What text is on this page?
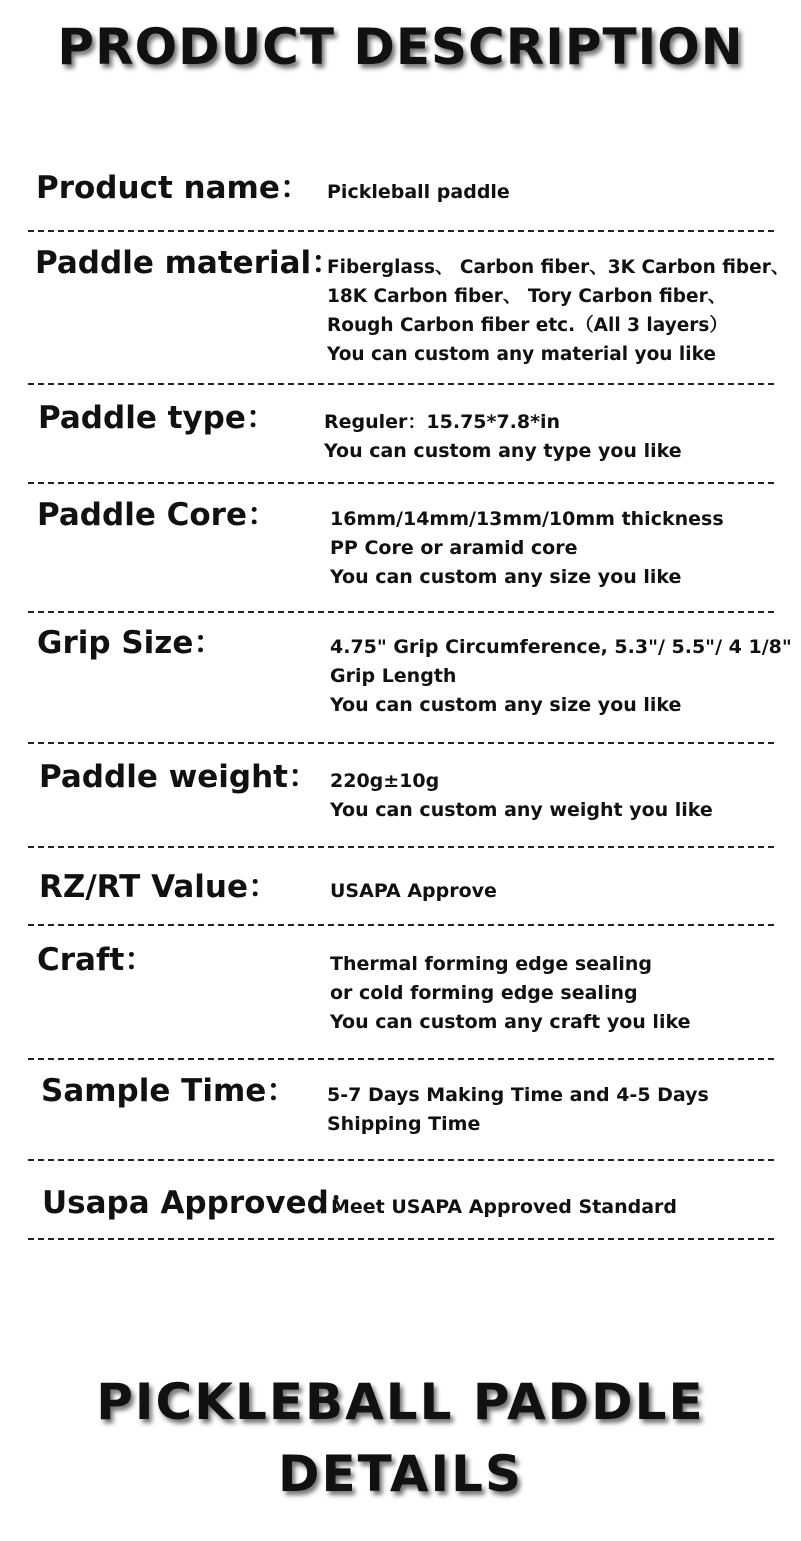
PRODUCT DESCRIPTION
Product name： Pickleball paddle
Paddle material：
Fiberglass、 Carbon fiber、3K Carbon fiber、
18K Carbon fiber、 Tory Carbon fiber、
Rough Carbon fiber etc.（All 3 layers）
You can custom any material you like
Paddle type： Reguler：15.75*7.8*in
You can custom any type you like
Paddle Core：	16mm/14mm/13mm/10mm thickness
PP Core or aramid core
You can custom any size you like
Grip Size：	4.75" Grip Circumference, 5.3"/ 5.5"/ 4 1/8"
Grip Length
You can custom any size you like
Paddle weight： 220g±10g
You can custom any weight you like
RZ/RT Value：	USAPA Approve
Craft：	Thermal forming edge sealing
or cold forming edge sealing
You can custom any craft you like
Sample Time： 5-7 Days Making Time and 4-5 Days
Shipping Time
Usapa Approved：
Meet USAPA Approved Standard
PICKLEBALL PADDLE
DETAILS
